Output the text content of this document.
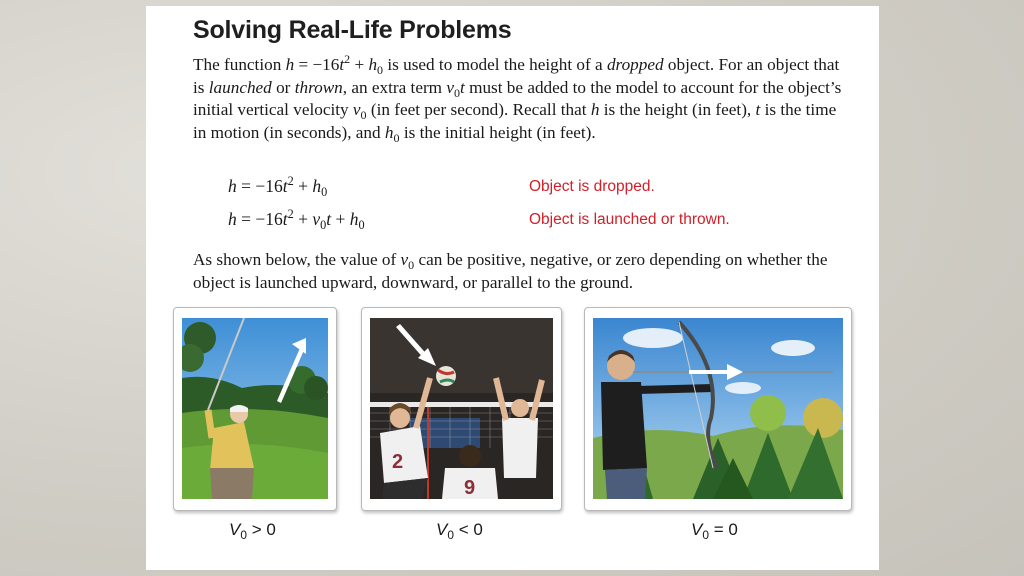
Solving Real-Life Problems
The function $h = -16t^2 + h_0$ is used to model the height of a dropped object. For an object that is launched or thrown, an extra term $v_0t$ must be added to the model to account for the object’s initial vertical velocity $v_0$ (in feet per second). Recall that h is the height (in feet), t is the time in motion (in seconds), and $h_0$ is the initial height (in feet).
$h = -16t^2 + h_0$	Object is dropped.
$h = -16t^2 + v_0t + h_0$	Object is launched or thrown.
As shown below, the value of $v_0$ can be positive, negative, or zero depending on whether the object is launched upward, downward, or parallel to the ground.
2
9
$V_0 > 0$	$V_0 < 0$	$V_0 = 0$
